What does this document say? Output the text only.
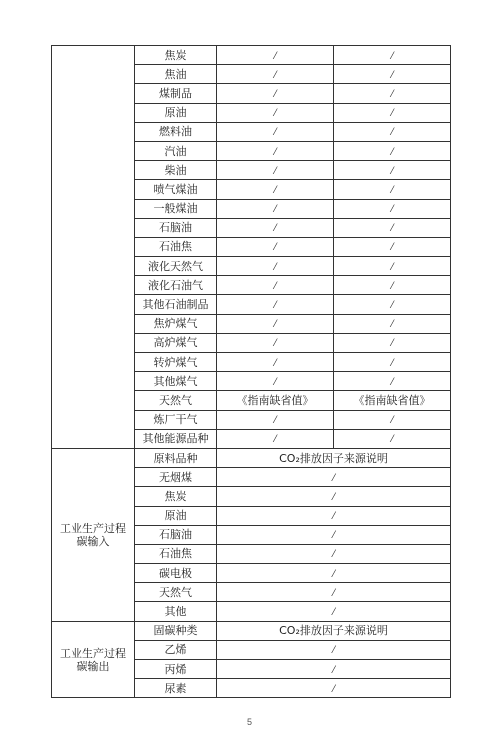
	焦炭	/	/
	焦油	/	/
	煤制品	/	/
	原油	/	/
	燃料油	/	/
	汽油	/	/
	柴油	/	/
	喷气煤油	/	/
	一般煤油	/	/
	石脑油	/	/
	石油焦	/	/
	液化天然气	/	/
	液化石油气	/	/
	其他石油制品	/	/
	焦炉煤气	/	/
	高炉煤气	/	/
	转炉煤气	/	/
	其他煤气	/	/
	天然气	《指南缺省值》	《指南缺省值》
	炼厂干气	/	/
	其他能源品种	/	/

工业生产过程
碳输入	原料品种	CO₂排放因子来源说明	
	无烟煤	/	
	焦炭	/	
	原油	/	
	石脑油	/	
	石油焦	/	
	碳电极	/	
	天然气	/	
	其他	/	

工业生产过程
碳输出	固碳种类	CO₂排放因子来源说明	
	乙烯	/	
	丙烯	/	
	尿素	/	
5
